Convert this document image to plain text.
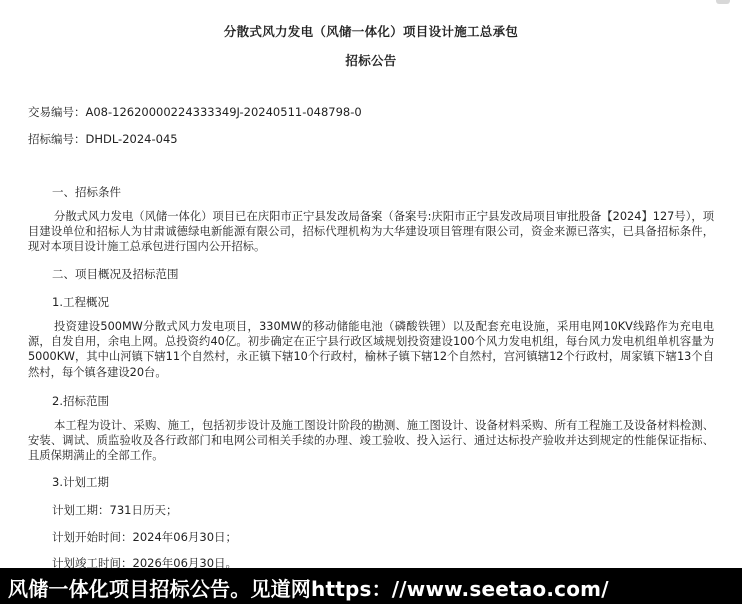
分散式风力发电（风储一体化）项目设计施工总承包
招标公告
交易编号：A08-12620000224333349J-20240511-048798-0
招标编号：DHDL-2024-045
一、招标条件
分散式风力发电（风储一体化）项目已在庆阳市正宁县发改局备案（备案号:庆阳市正宁县发改局项目审批股备【2024】127号），项目建设单位和招标人为甘肃诚德绿电新能源有限公司，招标代理机构为大华建设项目管理有限公司，资金来源已落实，已具备招标条件，现对本项目设计施工总承包进行国内公开招标。
二、项目概况及招标范围
1.工程概况
投资建设500MW分散式风力发电项目，330MW的移动储能电池（磷酸铁锂）以及配套充电设施，采用电网10KV线路作为充电电源，自发自用，余电上网。总投资约40亿。初步确定在正宁县行政区域规划投资建设100个风力发电机组，每台风力发电机组单机容量为5000KW，其中山河镇下辖11个自然村，永正镇下辖10个行政村，榆林子镇下辖12个自然村，宫河镇辖12个行政村，周家镇下辖13个自然村，每个镇各建设20台。
2.招标范围
本工程为设计、采购、施工，包括初步设计及施工图设计阶段的勘测、施工图设计、设备材料采购、所有工程施工及设备材料检测、安装、调试、质监验收及各行政部门和电网公司相关手续的办理、竣工验收、投入运行、通过达标投产验收并达到规定的性能保证指标、且质保期满止的全部工作。
3.计划工期
计划工期：731日历天；
计划开始时间：2024年06月30日；
计划竣工时间：2026年06月30日。
风储一体化项目招标公告。见道网https：//www.seetao.com/
